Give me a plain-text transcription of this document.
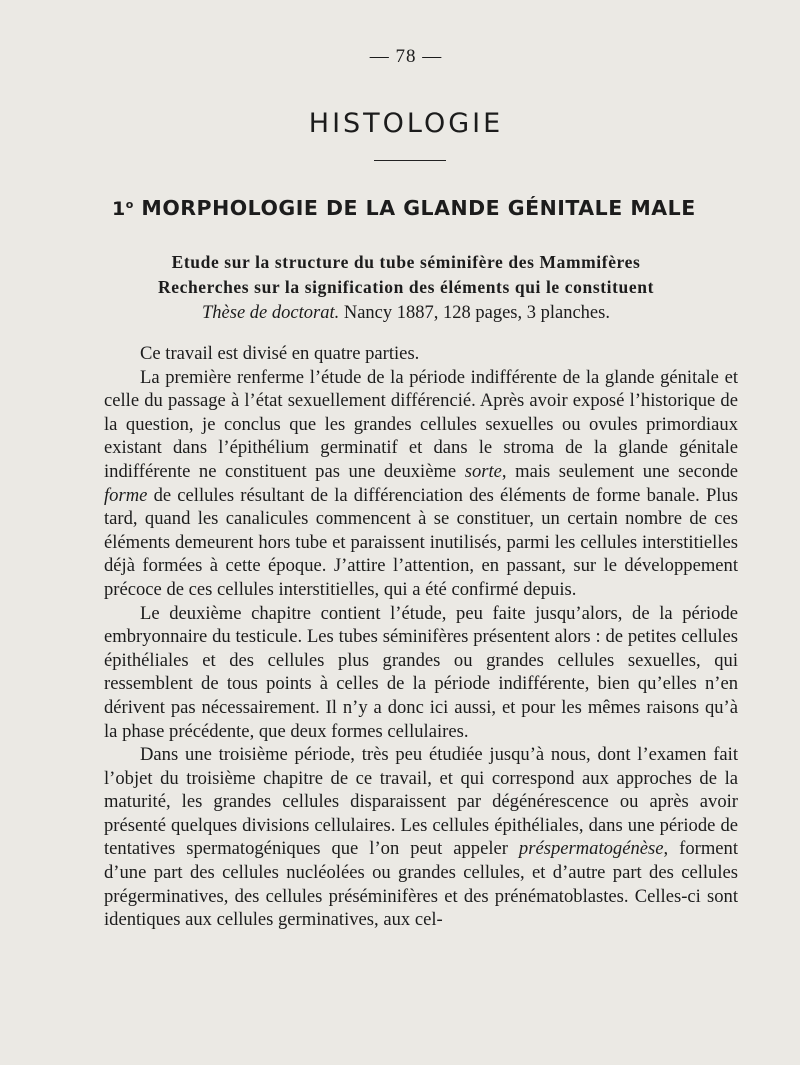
— 78 —
HISTOLOGIE
1$^o$ MORPHOLOGIE DE LA GLANDE GÉNITALE MALE
Etude sur la structure du tube séminifère des Mammifères
Recherches sur la signification des éléments qui le constituent
Thèse de doctorat. Nancy 1887, 128 pages, 3 planches.

Ce travail est divisé en quatre parties.

La première renferme l’étude de la période indifférente de la glande génitale et celle du passage à l’état sexuellement différencié. Après avoir exposé l’historique de la question, je conclus que les grandes cellules sexuelles ou ovules primordiaux existant dans l’épithélium germinatif et dans le stroma de la glande génitale indifférente ne constituent pas une deuxième sorte, mais seulement une seconde forme de cellules résultant de la différenciation des éléments de forme banale. Plus tard, quand les canalicules commencent à se constituer, un certain nombre de ces éléments demeurent hors tube et paraissent inutilisés, parmi les cellules interstitielles déjà formées à cette époque. J’attire l’attention, en passant, sur le développement précoce de ces cellules interstitielles, qui a été confirmé depuis.

Le deuxième chapitre contient l’étude, peu faite jusqu’alors, de la période embryonnaire du testicule. Les tubes séminifères présentent alors : de petites cellules épithéliales et des cellules plus grandes ou grandes cellules sexuelles, qui ressemblent de tous points à celles de la période indifférente, bien qu’elles n’en dérivent pas nécessairement. Il n’y a donc ici aussi, et pour les mêmes raisons qu’à la phase précédente, que deux formes cellulaires.

Dans une troisième période, très peu étudiée jusqu’à nous, dont l’examen fait l’objet du troisième chapitre de ce travail, et qui correspond aux approches de la maturité, les grandes cellules disparaissent par dégénérescence ou après avoir présenté quelques divisions cellulaires. Les cellules épithéliales, dans une période de tentatives spermatogéniques que l’on peut appeler préspermatogénèse, forment d’une part des cellules nucléolées ou grandes cellules, et d’autre part des cellules prégerminatives, des cellules préséminifères et des prénématoblastes. Celles-ci sont identiques aux cellules germinatives, aux cel-
